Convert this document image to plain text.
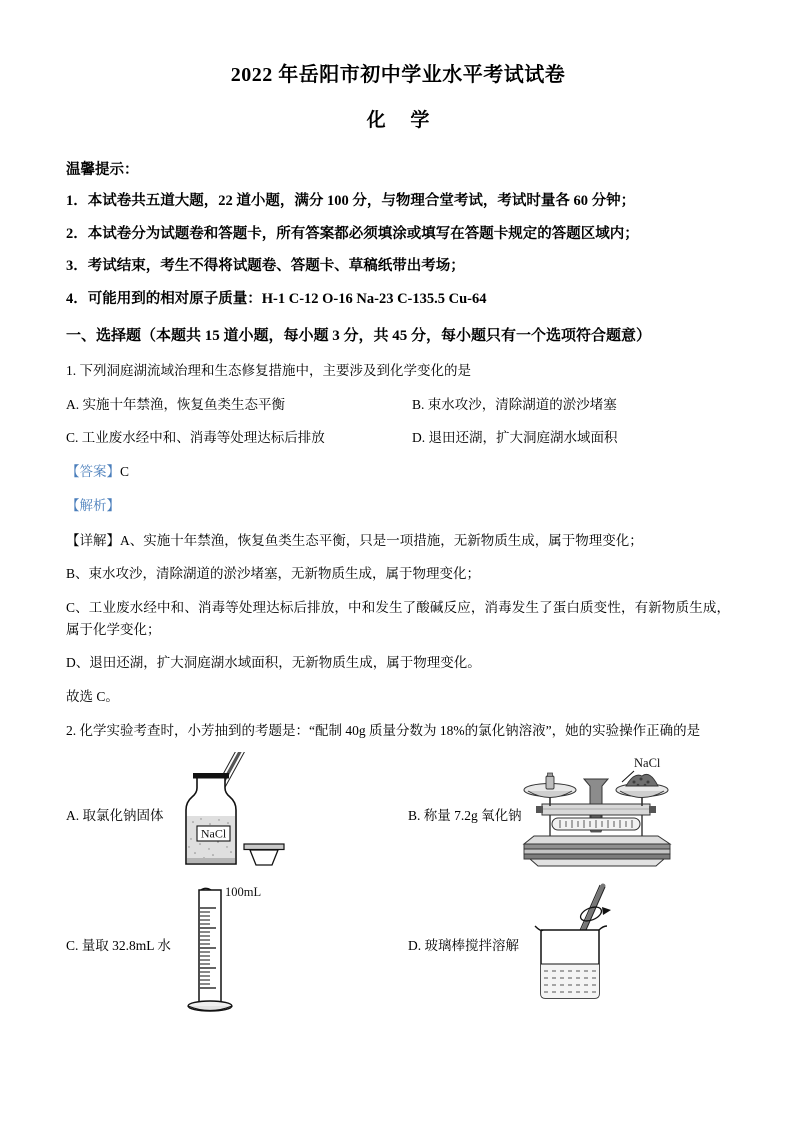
2022 年岳阳市初中学业水平考试试卷
化 学
温馨提示：
1．本试卷共五道大题，22 道小题，满分 100 分，与物理合堂考试，考试时量各 60 分钟；
2．本试卷分为试题卷和答题卡，所有答案都必须填涂或填写在答题卡规定的答题区域内；
3．考试结束，考生不得将试题卷、答题卡、草稿纸带出考场；
4．可能用到的相对原子质量：H-1 C-12 O-16 Na-23 C-135.5 Cu-64
一、选择题（本题共 15 道小题，每小题 3 分，共 45 分，每小题只有一个选项符合题意）
1. 下列洞庭湖流域治理和生态修复措施中，主要涉及到化学变化的是
A. 实施十年禁渔，恢复鱼类生态平衡	B. 束水攻沙，清除湖道的淤沙堵塞
C. 工业废水经中和、消毒等处理达标后排放	D. 退田还湖，扩大洞庭湖水域面积
【答案】C
【解析】
【详解】A、实施十年禁渔，恢复鱼类生态平衡，只是一项措施，无新物质生成，属于物理变化；
B、束水攻沙，清除湖道的淤沙堵塞，无新物质生成，属于物理变化；
C、工业废水经中和、消毒等处理达标后排放，中和发生了酸碱反应，消毒发生了蛋白质变性，有新物质生成，属于化学变化；
D、退田还湖，扩大洞庭湖水域面积，无新物质生成，属于物理变化。
故选 C。
2. 化学实验考查时，小芳抽到的考题是：“配制 40g 质量分数为 18%的氯化钠溶液”，她的实验操作正确的是
A. 取氯化钠固体
NaCl
B. 称量 7.2g 氧化钠
NaCl
C. 量取 32.8mL 水
100mL
D. 玻璃棒搅拌溶解
